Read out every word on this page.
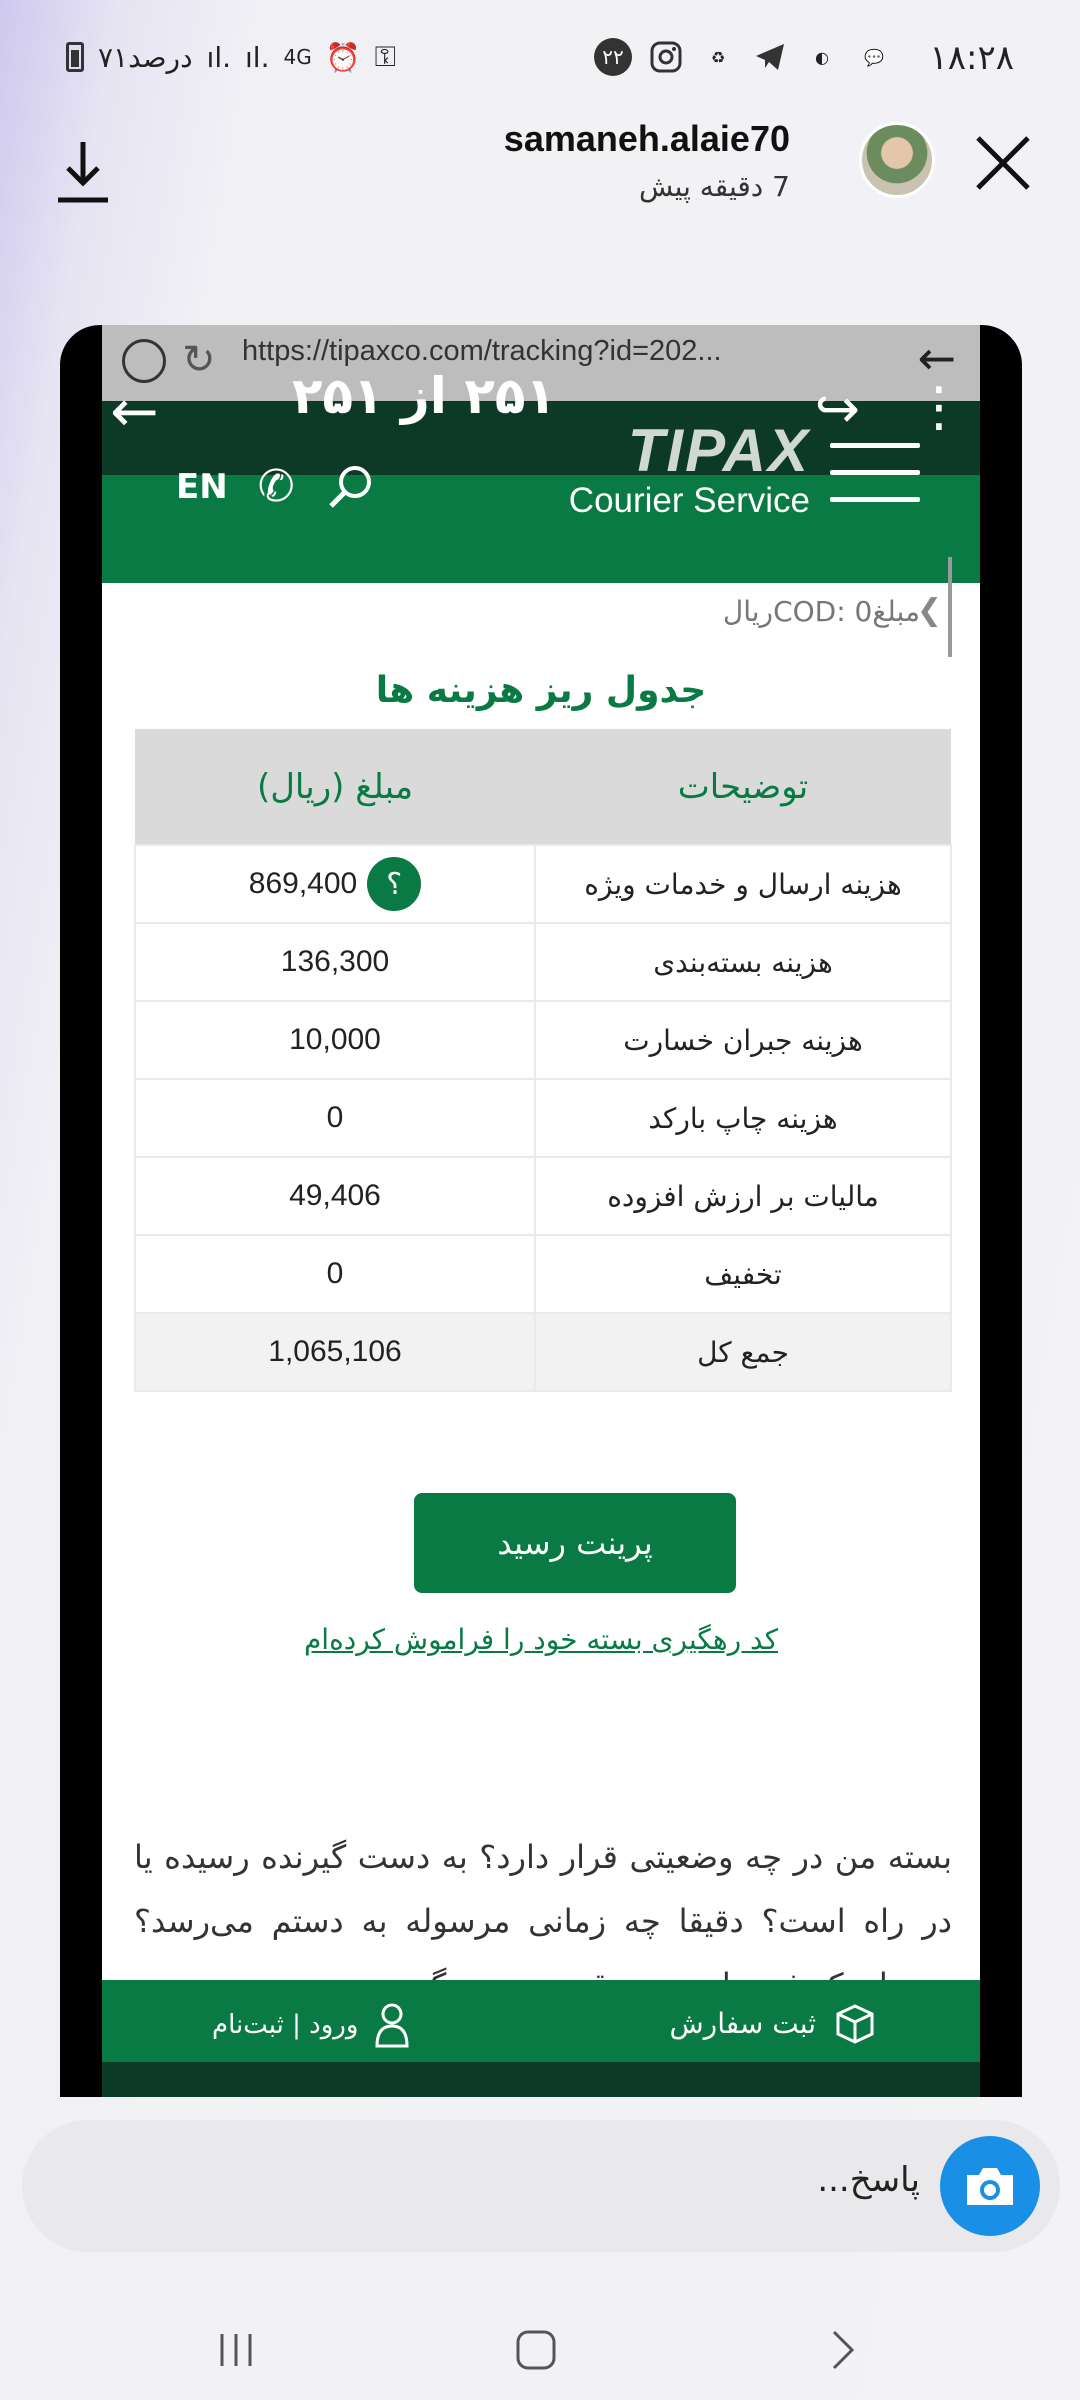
۷۱درصد ıl. ıl. 4G ⏰ ⚿	۲۲	♻	◐	💬 ۱۸:۲۸
samaneh.alaie70
7 دقیقه پیش
↻ https://tipaxco.com/tracking?id=202...	←
←	۲۵۱ از ۲۵۱	↪ ⋮
EN ✆
TIPAX
Courier Service
مبلغCOD: 0ریال
❮
جدول ریز هزینه ها
توضیحات	مبلغ (ریال)
هزینه ارسال و خدمات ویژه	869,400 ؟

هزینه بسته‌بندی	136,300
هزینه جبران خسارت	10,000
هزینه چاپ بارکد	0
مالیات بر ارزش افزوده	49,406
تخفیف	0
جمع کل	1,065,106
پرینت رسید
کد رهگیری بسته خود را فراموش کرده‌ام
بسته من در چه وضعیتی قرار دارد؟ به دست گیرنده رسیده یا در راه است؟ دقیقا چه زمانی مرسوله به دستم می‌رسد؟
ثبت سفارش
ورود | ثبت‌نام
پاسخ...
